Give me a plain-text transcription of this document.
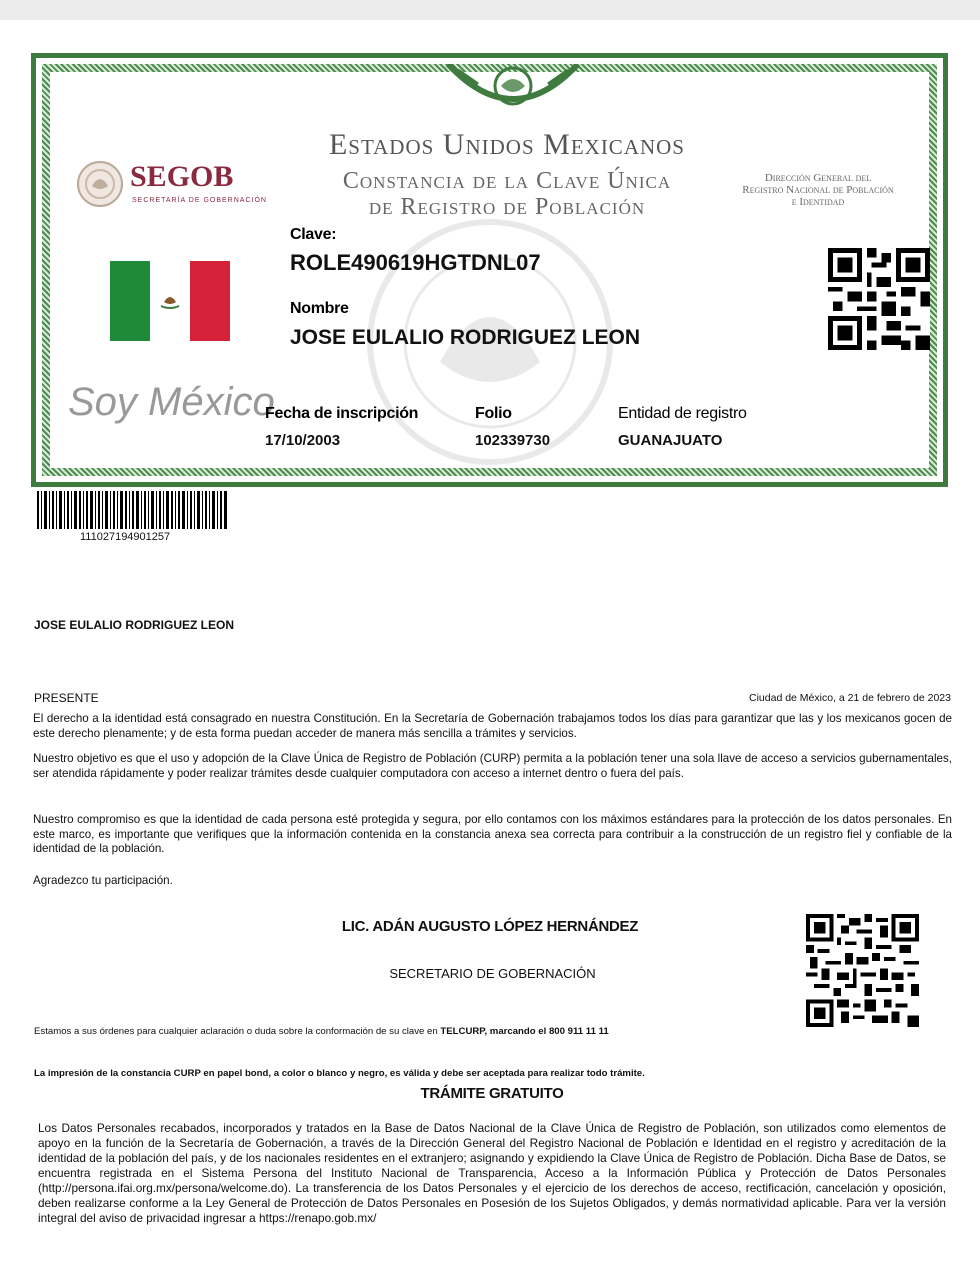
Estados Unidos Mexicanos
Constancia de la Clave Única
de Registro de Población
SEGOB
SECRETARÍA DE GOBERNACIÓN
Dirección General del
Registro Nacional de Población
e Identidad
Soy México
Clave:
ROLE490619HGTDNL07
Nombre
JOSE EULALIO RODRIGUEZ LEON
Fecha de inscripción
17/10/2003
Folio
102339730
Entidad de registro
GUANAJUATO
111027194901257
JOSE EULALIO RODRIGUEZ LEON
PRESENTE	Ciudad de México, a 21 de febrero de 2023
El derecho a la identidad está consagrado en nuestra Constitución. En la Secretaría de Gobernación trabajamos todos los días para garantizar que las y los mexicanos gocen de este derecho plenamente; y de esta forma puedan acceder de manera más sencilla a trámites y servicios.
Nuestro objetivo es que el uso y adopción de la Clave Única de Registro de Población (CURP) permita a la población tener una sola llave de acceso a servicios gubernamentales, ser atendida rápidamente y poder realizar trámites desde cualquier computadora con acceso a internet dentro o fuera del país.
Nuestro compromiso es que la identidad de cada persona esté protegida y segura, por ello contamos con los máximos estándares para la protección de los datos personales. En este marco, es importante que verifiques que la información contenida en la constancia anexa sea correcta para contribuir a la construcción de un registro fiel y confiable de la identidad de la población.
Agradezco tu participación.
LIC. ADÁN AUGUSTO LÓPEZ HERNÁNDEZ
SECRETARIO DE GOBERNACIÓN
Estamos a sus órdenes para cualquier aclaración o duda sobre la conformación de su clave en TELCURP, marcando el 800 911 11 11
La impresión de la constancia CURP en papel bond, a color o blanco y negro, es válida y debe ser aceptada para realizar todo trámite.
TRÁMITE GRATUITO
Los Datos Personales recabados, incorporados y tratados en la Base de Datos Nacional de la Clave Única de Registro de Población, son utilizados como elementos de apoyo en la función de la Secretaría de Gobernación, a través de la Dirección General del Registro Nacional de Población e Identidad en el registro y acreditación de la identidad de la población del país, y de los nacionales residentes en el extranjero; asignando y expidiendo la Clave Única de Registro de Población. Dicha Base de Datos, se encuentra registrada en el Sistema Persona del Instituto Nacional de Transparencia, Acceso a la Información Pública y Protección de Datos Personales (http://persona.ifai.org.mx/persona/welcome.do). La transferencia de los Datos Personales y el ejercicio de los derechos de acceso, rectificación, cancelación y oposición, deben realizarse conforme a la Ley General de Protección de Datos Personales en Posesión de los Sujetos Obligados, y demás normatividad aplicable. Para ver la versión integral del aviso de privacidad ingresar a https://renapo.gob.mx/
